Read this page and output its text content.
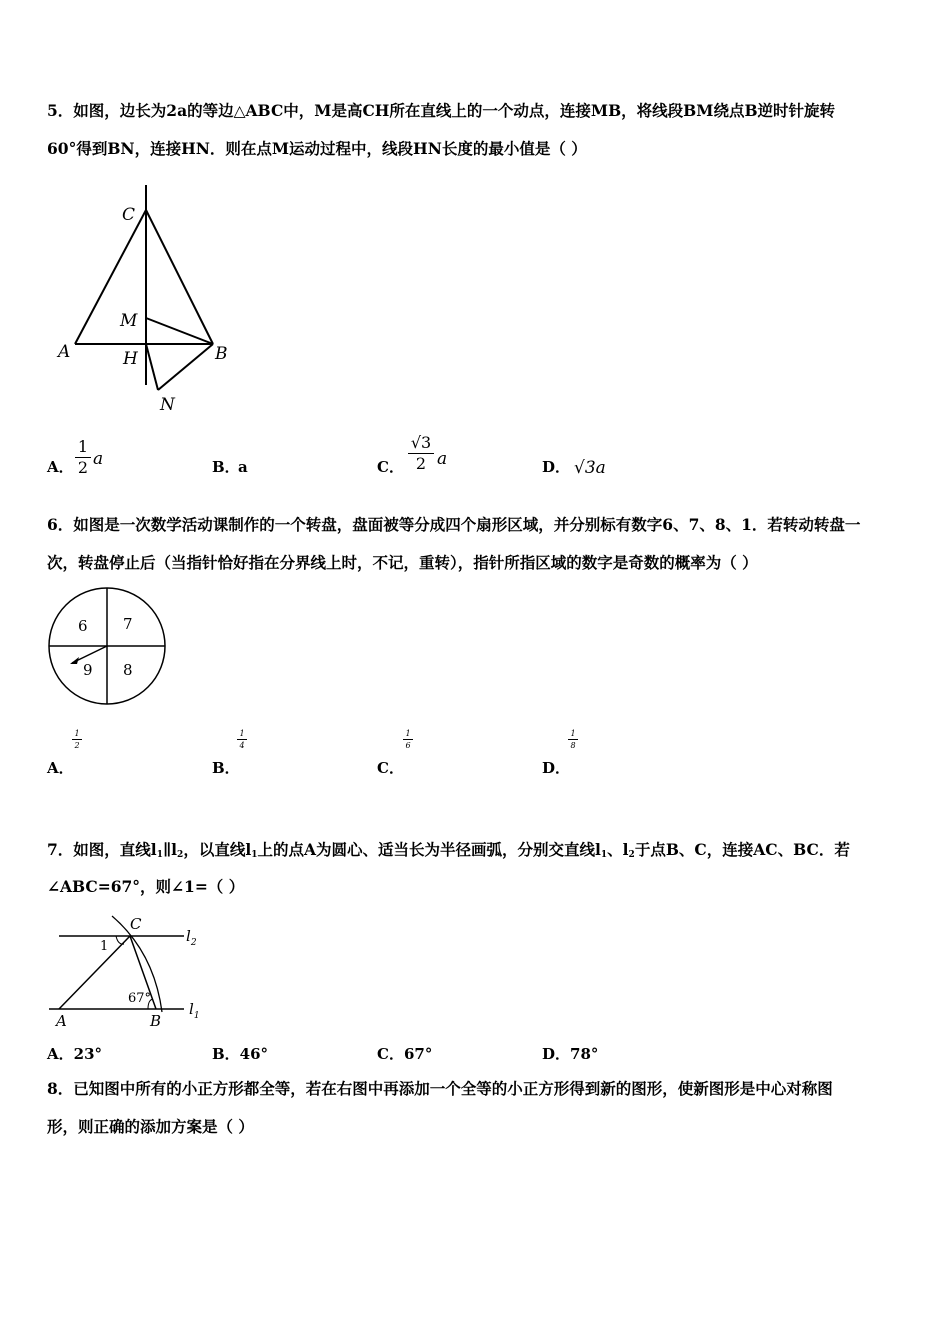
5．如图，边长为2a的等边△ABC中，M是高CH所在直线上的一个动点，连接MB，将线段BM绕点B逆时针旋转
60°得到BN，连接HN．则在点M运动过程中，线段HN长度的最小值是（ ）
C
M
A	H	B
N
A．
1
2 a	B．
a	C．
√3
2 a	D． √3a
6．如图是一次数学活动课制作的一个转盘，盘面被等分成四个扇形区域，并分别标有数字6、7、8、1．若转动转盘一
次，转盘停止后（当指针恰好指在分界线上时，不记，重转），指针所指区域的数字是奇数的概率为（ ）
6 7
9 8
A．
1
2
B．
1
4
C．
1
6
D．
1
8
7．如图，直线$l_1\parallel l_2$，以直线$l_1$上的点A为圆心、适当长为半径画弧，分别交直线$l_1$、$l_2$于点B、C，连接AC、BC．若
∠ABC=67°，则∠1=（ ）
C
$l_2$
1
67°
$l_1$
A	B
A．23°	B．46°	C．67°	D．78°
8．已知图中所有的小正方形都全等，若在右图中再添加一个全等的小正方形得到新的图形，使新图形是中心对称图
形，则正确的添加方案是（ ）
